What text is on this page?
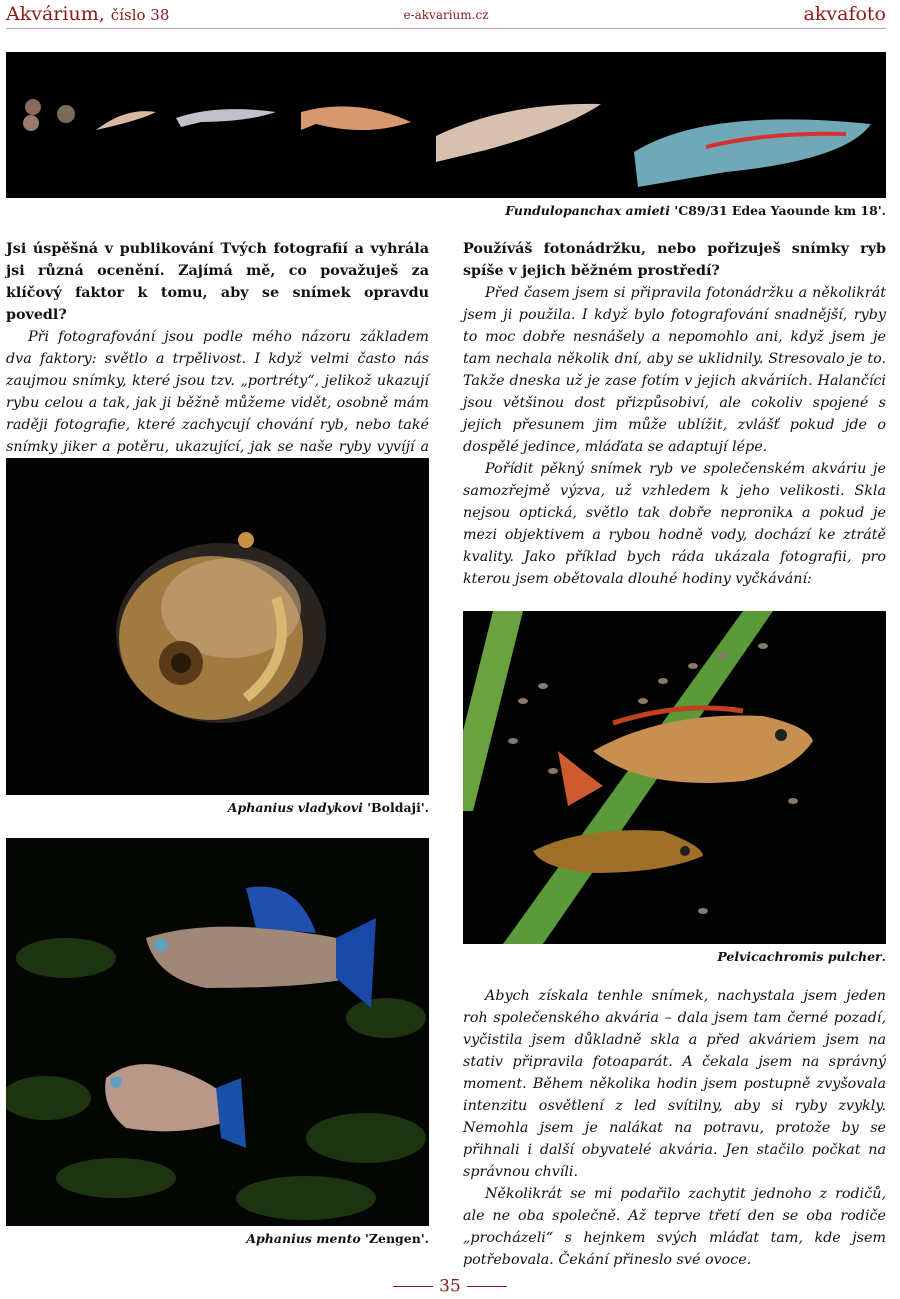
Akvárium, číslo 38	e-akvarium.cz	akvafoto
Fundulopanchax amieti 'C89/31 Edea Yaounde km 18'.

Jsi úspěšná v publikování Tvých fotografií a vyhrála jsi různá ocenění. Zajímá mě, co považuješ za klíčový faktor k tomu, aby se snímek opravdu povedl?

Při fotografování jsou podle mého názoru základem dva faktory: světlo a trpělivost. I když velmi často nás zaujmou snímky, které jsou tzv. „portréty“, jelikož ukazují rybu celou a tak, jak ji běžně můžeme vidět, osobně mám raději fotografie, které zachycují chování ryb, nebo také snímky jiker a potěru, ukazující, jak se naše ryby vyvíjí a

Aphanius vladykovi 'Boldaji'.
Aphanius mento 'Zengen'.

Používáš fotonádržku, nebo pořizuješ snímky ryb spíše v jejich běžném prostředí?

Před časem jsem si připravila fotonádržku a několikrát jsem ji použila. I když bylo fotografování snadnější, ryby to moc dobře nesnášely a nepomohlo ani, když jsem je tam nechala několik dní, aby se uklidnily. Stresovalo je to. Takže dneska už je zase fotím v jejich akváriích. Halančíci jsou většinou dost přizpůsobiví, ale cokoliv spojené s jejich přesunem jim může ublížit, zvlášť pokud jde o dospělé jedince, mláďata se adaptují lépe.

Pořídit pěkný snímek ryb ve společenském akváriu je samozřejmě výzva, už vzhledem k jeho velikosti. Skla nejsou optická, světlo tak dobře nepronikᴀ a pokud je mezi objektivem a rybou hodně vody, dochází ke ztrátě kvality. Jako příklad bych ráda ukázala fotografii, pro kterou jsem obětovala dlouhé hodiny vyčkávání:

Pelvicachromis pulcher.

Abych získala tenhle snímek, nachystala jsem jeden roh společenského akvária – dala jsem tam černé pozadí, vyčistila jsem důkladně skla a před akváriem jsem na stativ připravila fotoaparát. A čekala jsem na správný moment. Během několika hodin jsem postupně zvyšovala intenzitu osvětlení z led svítilny, aby si ryby zvykly. Nemohla jsem je nalákat na potravu, protože by se přihnali i další obyvatelé akvária. Jen stačilo počkat na správnou chvíli.

Několikrát se mi podařilo zachytit jednoho z rodičů, ale ne oba společně. Až teprve třetí den se oba rodiče „procházeli“ s hejnkem svých mláďat tam, kde jsem potřebovala. Čekání přineslo své ovoce.

35
